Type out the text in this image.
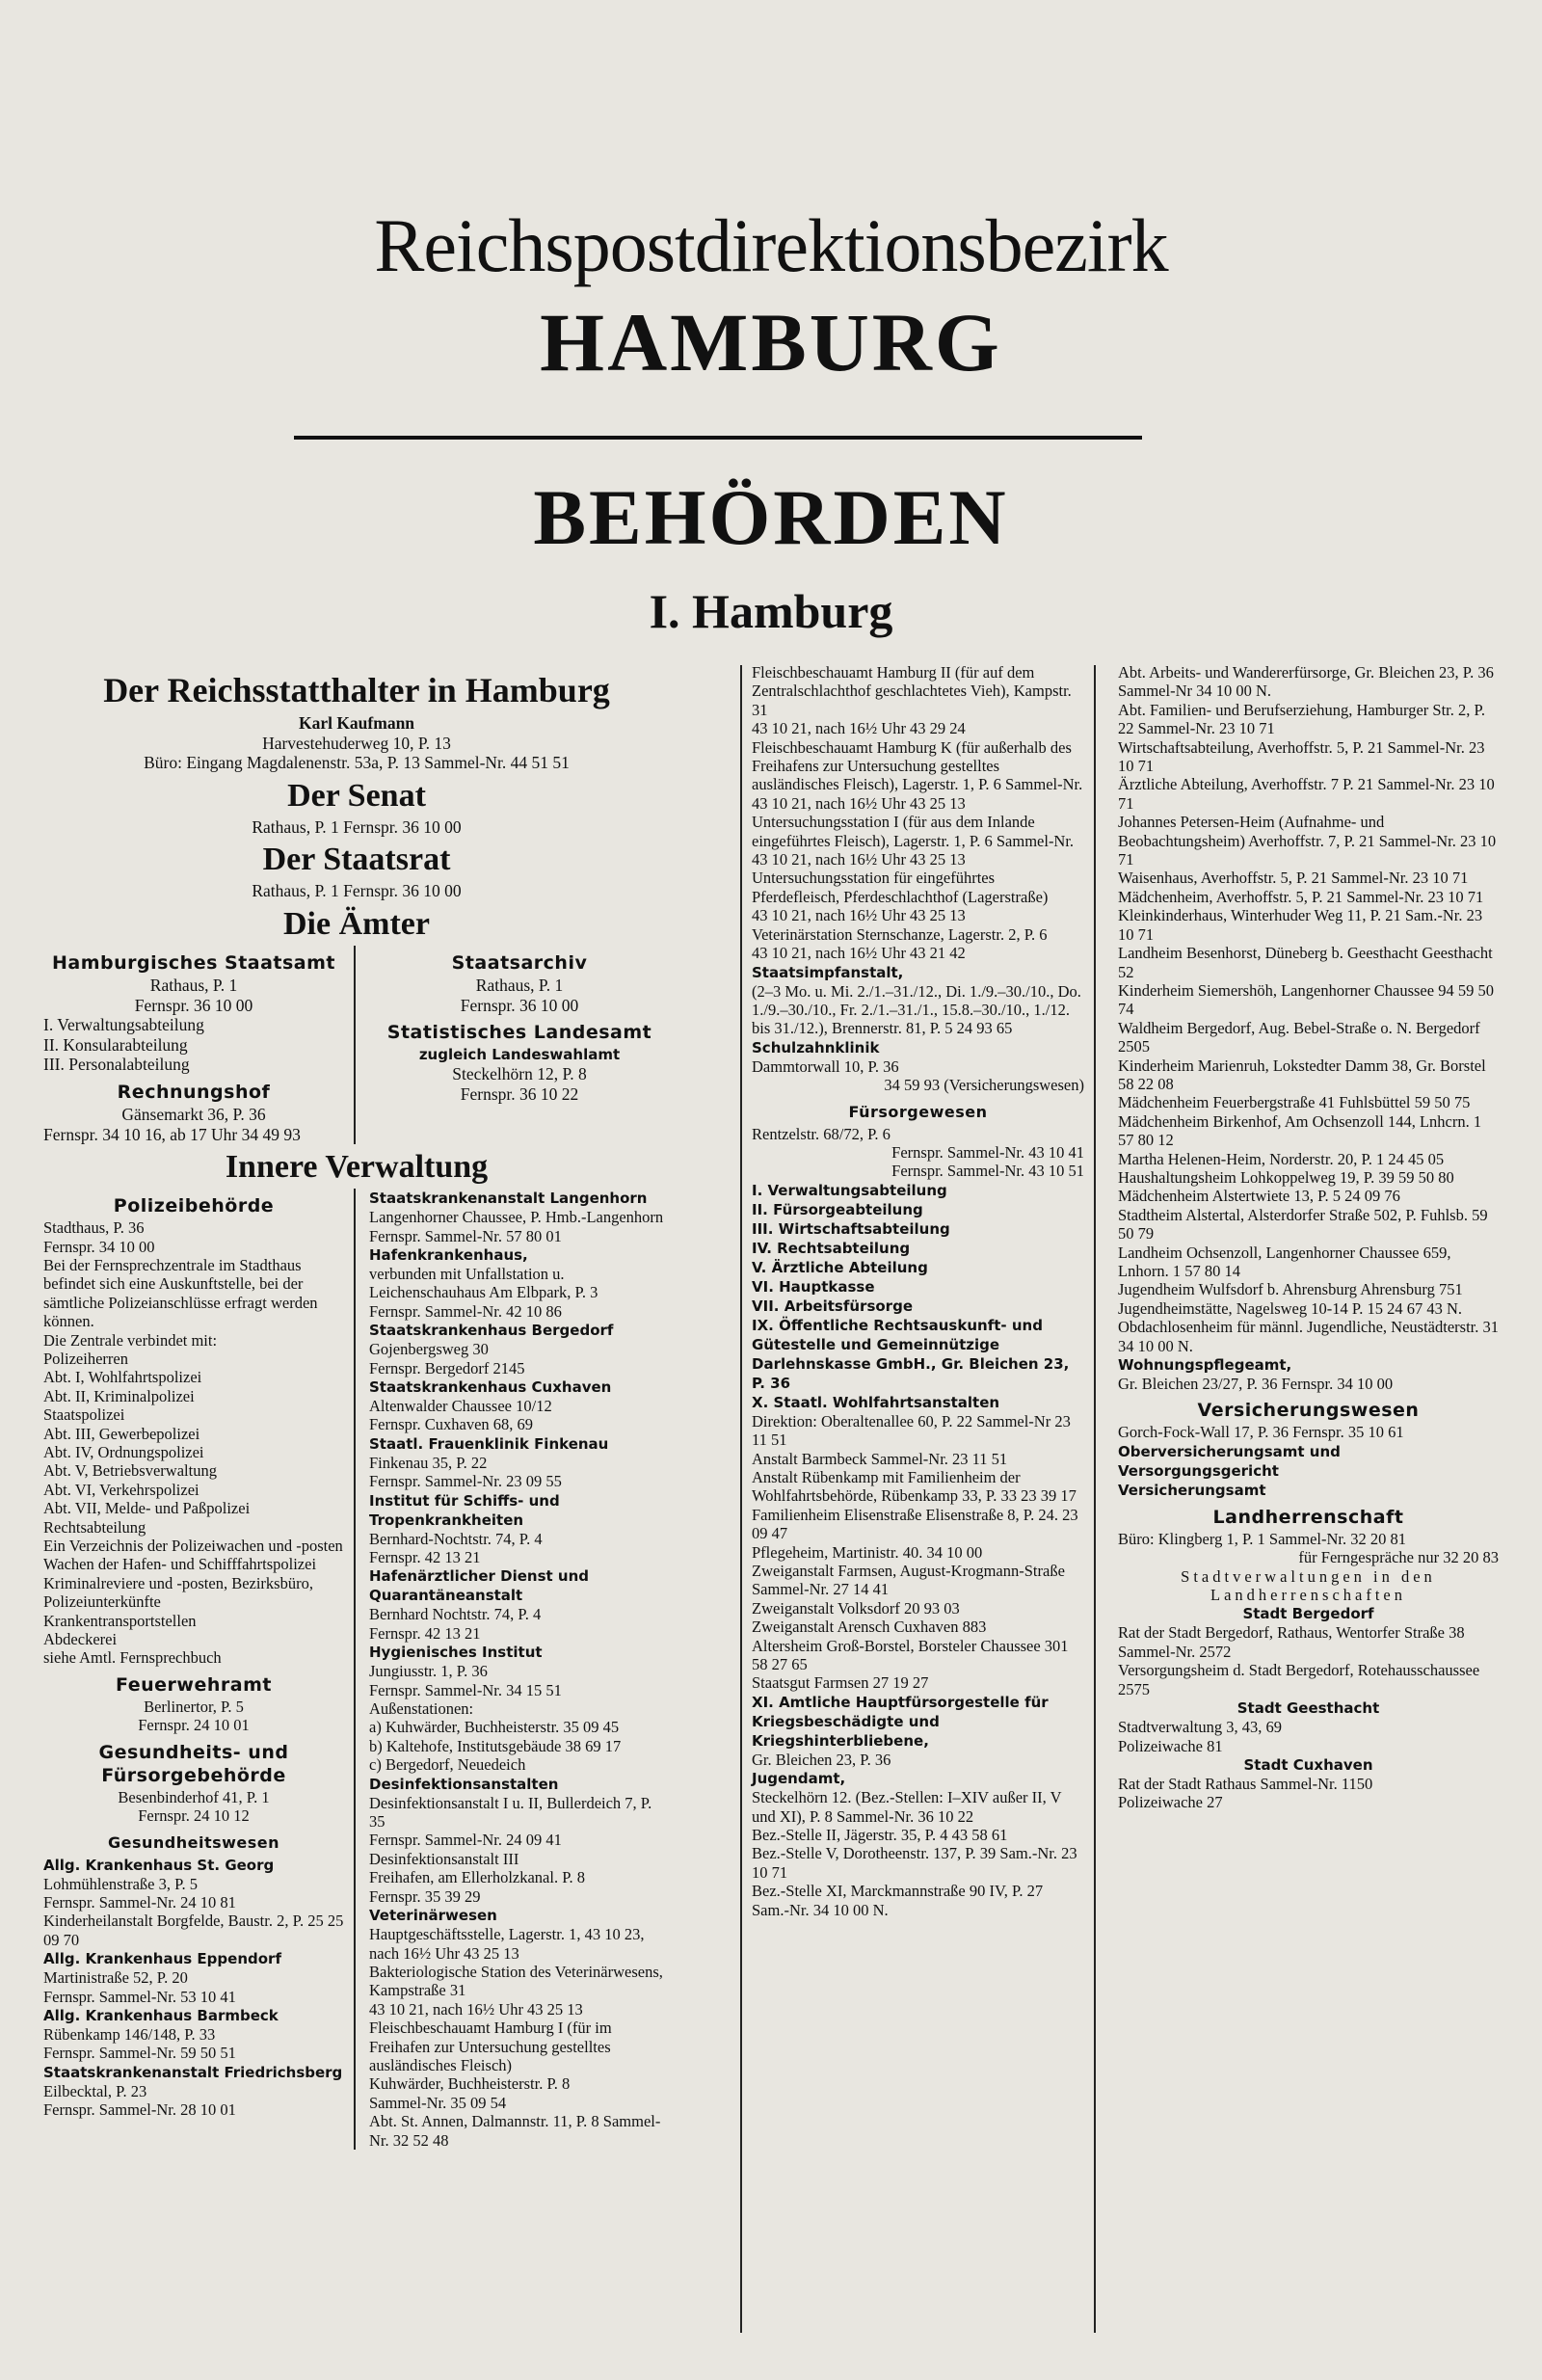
Reichspostdirektionsbezirk
HAMBURG
BEHÖRDEN
I. Hamburg
Der Reichsstatthalter in Hamburg
Karl Kaufmann
Harvestehuderweg 10, P. 13
Büro: Eingang Magdalenenstr. 53a, P. 13 Sammel-Nr. 44 51 51
Der Senat
Rathaus, P. 1 Fernspr. 36 10 00
Der Staatsrat
Rathaus, P. 1 Fernspr. 36 10 00
Die Ämter
Hamburgisches Staatsamt
Rathaus, P. 1
Fernspr. 36 10 00
I. Verwaltungsabteilung
II. Konsularabteilung
III. Personalabteilung
Rechnungshof
Gänsemarkt 36, P. 36
Fernspr. 34 10 16, ab 17 Uhr 34 49 93
Staatsarchiv
Rathaus, P. 1
Fernspr. 36 10 00
Statistisches Landesamt
zugleich Landeswahlamt
Steckelhörn 12, P. 8
Fernspr. 36 10 22
Innere Verwaltung
Polizeibehörde
Stadthaus, P. 36
Fernspr. 34 10 00
Bei der Fernsprechzentrale im Stadthaus befindet sich eine Auskunftstelle, bei der sämtliche Polizeianschlüsse erfragt werden können.
Die Zentrale verbindet mit:
Polizeiherren
Abt. I, Wohlfahrtspolizei
Abt. II, Kriminalpolizei
Staatspolizei
Abt. III, Gewerbepolizei
Abt. IV, Ordnungspolizei
Abt. V, Betriebsverwaltung
Abt. VI, Verkehrspolizei
Abt. VII, Melde- und Paßpolizei
Rechtsabteilung
Ein Verzeichnis der Polizeiwachen und -posten
Wachen der Hafen- und Schifffahrtspolizei
Kriminalreviere und -posten, Bezirksbüro, Polizeiunterkünfte
Krankentransportstellen
Abdeckerei
siehe Amtl. Fernsprechbuch
Feuerwehramt
Berlinertor, P. 5
Fernspr. 24 10 01
Gesundheits- und Fürsorgebehörde
Besenbinderhof 41, P. 1
Fernspr. 24 10 12
Gesundheitswesen
Allg. Krankenhaus St. Georg
Lohmühlenstraße 3, P. 5
Fernspr. Sammel-Nr. 24 10 81
Kinderheilanstalt Borgfelde, Baustr. 2, P. 25 25 09 70
Allg. Krankenhaus Eppendorf
Martinistraße 52, P. 20
Fernspr. Sammel-Nr. 53 10 41
Allg. Krankenhaus Barmbeck
Rübenkamp 146/148, P. 33
Fernspr. Sammel-Nr. 59 50 51
Staatskrankenanstalt Friedrichsberg
Eilbecktal, P. 23
Fernspr. Sammel-Nr. 28 10 01
Staatskrankenanstalt Langenhorn
Langenhorner Chaussee, P. Hmb.-Langenhorn
Fernspr. Sammel-Nr. 57 80 01
Hafenkrankenhaus,
verbunden mit Unfallstation u. Leichenschauhaus Am Elbpark, P. 3
Fernspr. Sammel-Nr. 42 10 86
Staatskrankenhaus Bergedorf
Gojenbergsweg 30
Fernspr. Bergedorf 2145
Staatskrankenhaus Cuxhaven
Altenwalder Chaussee 10/12
Fernspr. Cuxhaven 68, 69
Staatl. Frauenklinik Finkenau
Finkenau 35, P. 22
Fernspr. Sammel-Nr. 23 09 55
Institut für Schiffs- und Tropenkrankheiten
Bernhard-Nochtstr. 74, P. 4
Fernspr. 42 13 21
Hafenärztlicher Dienst und Quarantäneanstalt
Bernhard Nochtstr. 74, P. 4
Fernspr. 42 13 21
Hygienisches Institut
Jungiusstr. 1, P. 36
Fernspr. Sammel-Nr. 34 15 51
Außenstationen:
a) Kuhwärder, Buchheisterstr. 35 09 45
b) Kaltehofe, Institutsgebäude 38 69 17
c) Bergedorf, Neuedeich
Desinfektionsanstalten
Desinfektionsanstalt I u. II, Bullerdeich 7, P. 35
Fernspr. Sammel-Nr. 24 09 41
Desinfektionsanstalt III
Freihafen, am Ellerholzkanal. P. 8
Fernspr. 35 39 29
Veterinärwesen
Hauptgeschäftsstelle, Lagerstr. 1, 43 10 23, nach 16½ Uhr 43 25 13
Bakteriologische Station des Veterinärwesens, Kampstraße 31
43 10 21, nach 16½ Uhr 43 25 13
Fleischbeschauamt Hamburg I (für im Freihafen zur Untersuchung gestelltes ausländisches Fleisch)
Kuhwärder, Buchheisterstr. P. 8
Sammel-Nr. 35 09 54
Abt. St. Annen, Dalmannstr. 11, P. 8 Sammel-Nr. 32 52 48
Fleischbeschauamt Hamburg II (für auf dem Zentralschlachthof geschlachtetes Vieh), Kampstr. 31
43 10 21, nach 16½ Uhr 43 29 24
Fleischbeschauamt Hamburg K (für außerhalb des Freihafens zur Untersuchung gestelltes ausländisches Fleisch), Lagerstr. 1, P. 6 Sammel-Nr. 43 10 21, nach 16½ Uhr 43 25 13
Untersuchungsstation I (für aus dem Inlande eingeführtes Fleisch), Lagerstr. 1, P. 6 Sammel-Nr. 43 10 21, nach 16½ Uhr 43 25 13
Untersuchungsstation für eingeführtes Pferdefleisch, Pferdeschlachthof (Lagerstraße)
43 10 21, nach 16½ Uhr 43 25 13
Veterinärstation Sternschanze, Lagerstr. 2, P. 6
43 10 21, nach 16½ Uhr 43 21 42
Staatsimpfanstalt,
(2–3 Mo. u. Mi. 2./1.–31./12., Di. 1./9.–30./10., Do. 1./9.–30./10., Fr. 2./1.–31./1., 15.8.–30./10., 1./12. bis 31./12.), Brennerstr. 81, P. 5 24 93 65
Schulzahnklinik
Dammtorwall 10, P. 36
34 59 93 (Versicherungswesen)
Fürsorgewesen
Rentzelstr. 68/72, P. 6
Fernspr. Sammel-Nr. 43 10 41
Fernspr. Sammel-Nr. 43 10 51
I. Verwaltungsabteilung
II. Fürsorgeabteilung
III. Wirtschaftsabteilung
IV. Rechtsabteilung
V. Ärztliche Abteilung
VI. Hauptkasse
VII. Arbeitsfürsorge
IX. Öffentliche Rechtsauskunft- und Gütestelle und Gemeinnützige Darlehnskasse GmbH., Gr. Bleichen 23, P. 36
X. Staatl. Wohlfahrtsanstalten
Direktion: Oberaltenallee 60, P. 22 Sammel-Nr 23 11 51
Anstalt Barmbeck Sammel-Nr. 23 11 51
Anstalt Rübenkamp mit Familienheim der Wohlfahrtsbehörde, Rübenkamp 33, P. 33 23 39 17
Familienheim Elisenstraße Elisenstraße 8, P. 24. 23 09 47
Pflegeheim, Martinistr. 40. 34 10 00
Zweiganstalt Farmsen, August-Krogmann-Straße Sammel-Nr. 27 14 41
Zweiganstalt Volksdorf 20 93 03
Zweiganstalt Arensch Cuxhaven 883
Altersheim Groß-Borstel, Borsteler Chaussee 301 58 27 65
Staatsgut Farmsen 27 19 27
XI. Amtliche Hauptfürsorgestelle für Kriegsbeschädigte und Kriegshinterbliebene,
Gr. Bleichen 23, P. 36
Jugendamt,
Steckelhörn 12. (Bez.-Stellen: I–XIV außer II, V und XI), P. 8 Sammel-Nr. 36 10 22
Bez.-Stelle II, Jägerstr. 35, P. 4 43 58 61
Bez.-Stelle V, Dorotheenstr. 137, P. 39 Sam.-Nr. 23 10 71
Bez.-Stelle XI, Marckmannstraße 90 IV, P. 27 Sam.-Nr. 34 10 00 N.
Abt. Arbeits- und Wandererfürsorge, Gr. Bleichen 23, P. 36 Sammel-Nr 34 10 00 N.
Abt. Familien- und Berufserziehung, Hamburger Str. 2, P. 22 Sammel-Nr. 23 10 71
Wirtschaftsabteilung, Averhoffstr. 5, P. 21 Sammel-Nr. 23 10 71
Ärztliche Abteilung, Averhoffstr. 7 P. 21 Sammel-Nr. 23 10 71
Johannes Petersen-Heim (Aufnahme- und Beobachtungsheim) Averhoffstr. 7, P. 21 Sammel-Nr. 23 10 71
Waisenhaus, Averhoffstr. 5, P. 21 Sammel-Nr. 23 10 71
Mädchenheim, Averhoffstr. 5, P. 21 Sammel-Nr. 23 10 71
Kleinkinderhaus, Winterhuder Weg 11, P. 21 Sam.-Nr. 23 10 71
Landheim Besenhorst, Düneberg b. Geesthacht Geesthacht 52
Kinderheim Siemershöh, Langenhorner Chaussee 94 59 50 74
Waldheim Bergedorf, Aug. Bebel-Straße o. N. Bergedorf 2505
Kinderheim Marienruh, Lokstedter Damm 38, Gr. Borstel 58 22 08
Mädchenheim Feuerbergstraße 41 Fuhlsbüttel 59 50 75
Mädchenheim Birkenhof, Am Ochsenzoll 144, Lnhcrn. 1 57 80 12
Martha Helenen-Heim, Norderstr. 20, P. 1 24 45 05
Haushaltungsheim Lohkoppelweg 19, P. 39 59 50 80
Mädchenheim Alstertwiete 13, P. 5 24 09 76
Stadtheim Alstertal, Alsterdorfer Straße 502, P. Fuhlsb. 59 50 79
Landheim Ochsenzoll, Langenhorner Chaussee 659, Lnhorn. 1 57 80 14
Jugendheim Wulfsdorf b. Ahrensburg Ahrensburg 751
Jugendheimstätte, Nagelsweg 10-14 P. 15 24 67 43 N.
Obdachlosenheim für männl. Jugendliche, Neustädterstr. 31 34 10 00 N.
Wohnungspflegeamt,
Gr. Bleichen 23/27, P. 36 Fernspr. 34 10 00
Versicherungswesen
Gorch-Fock-Wall 17, P. 36 Fernspr. 35 10 61
Oberversicherungsamt und Versorgungsgericht
Versicherungsamt
Landherrenschaft
Büro: Klingberg 1, P. 1 Sammel-Nr. 32 20 81
für Ferngespräche nur 32 20 83
Stadtverwaltungen in den Landherrenschaften
Stadt Bergedorf
Rat der Stadt Bergedorf, Rathaus, Wentorfer Straße 38 Sammel-Nr. 2572
Versorgungsheim d. Stadt Bergedorf, Rotehausschaussee 2575
Stadt Geesthacht
Stadtverwaltung 3, 43, 69
Polizeiwache 81
Stadt Cuxhaven
Rat der Stadt Rathaus Sammel-Nr. 1150
Polizeiwache 27
